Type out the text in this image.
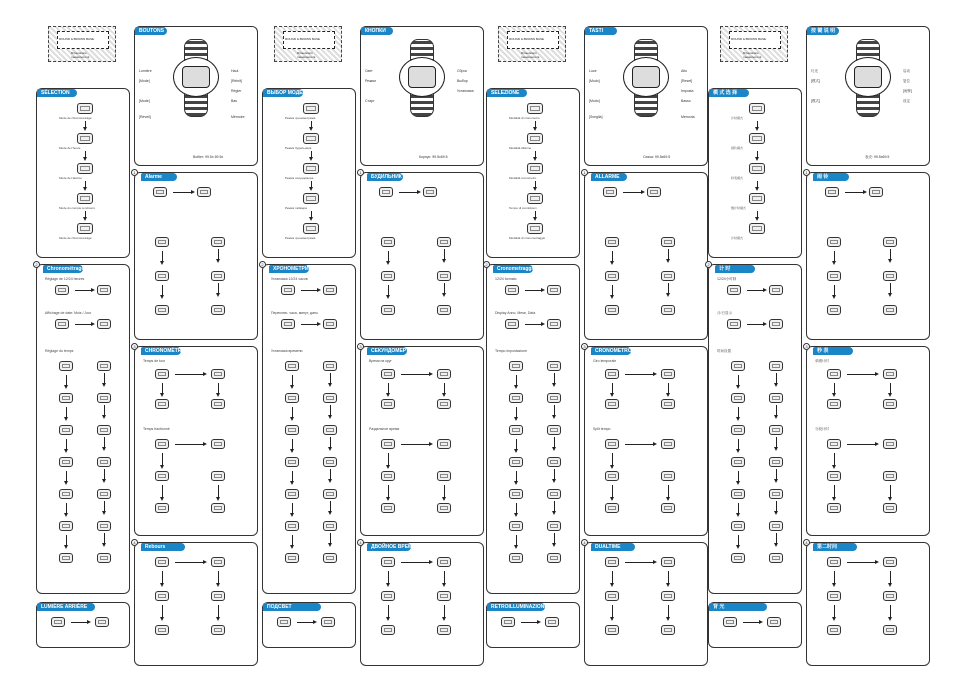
ROUND & BROWN BASE
Dimensions
measurement
BOUTONS
Lumière
[Mode]
[Mode]
Haut
[Réinit]
Régler
Bas
[Réveil]	Mémoire
Boîtier: 99.5x 69.5x
SÉLECTION
Mode de chronométrage
Mode de l'heure
Mode de l'alarme
Mode du compte à rebours
Mode de chronométrage
1
Alarme
2
Chronométrage
Réglage de 12/24 heures
Affichage de date: Mois / Jour
Réglage du temps
3
CHRONOMÈTRE
Temps de tour
Temps fractionné
4
Rebours
LUMIÈRE ARRIÈRE
ROUND & BROWN BASE
Dimensions
measurement
КНОПКИ
Свет
Режим
Старт
Сброс
Выбор
Установка
Корпус: 99.5x69.5
ВЫБОР МОДЕЛИ
Режим хронометража
Режим будильника
Режим секундомера
Режим таймера
Режим хронометража
1
БУДИЛЬНИК
2
ХРОНОМЕТРИРОВАНИЕ
Установка 12/24 часов
Переключ. часа, минут, даты
Установка времени
3
СЕКУНДОМЕР
Время на круг
Раздельное время
4
ДВОЙНОЕ ВРЕМЯ
ПОДСВЕТ
ROUND & BROWN BASE
Dimensions
measurement
TASTI
Luce
[Modo]
[Modo]
Alto
[Reset]
Imposta
Basso
[Sveglia]	Memoria
Cassa: 99.5x69.5
SELEZIONE
Modalità di cronometro
Modalità Allarme
Modalità cronometro
Tempo di countdown
Modalità di cronometraggio
1
ALLARME
2
Cronometraggio
12/24 formato
Display Anno, Mese, Data
Tempo impostazione
3
CRONOMETRO
Giro temporale
Split tempo
4
DUALTIME
RETROILLUMINAZIONE
ROUND & BROWN BASE
Dimensions
measurement
按 键 说 明
灯光
[模式]
[模式]
启动
复位
[闹钟]
设定
表壳: 99.5x69.5
模 式 选 择
计时模式
闹铃模式
秒表模式
倒计时模式
计时模式
1
闹 铃
2
计 时
12/24小时制
月/日显示
时间设置
3
秒 表
单圈计时
分段计时
4
第二时间
背 光
